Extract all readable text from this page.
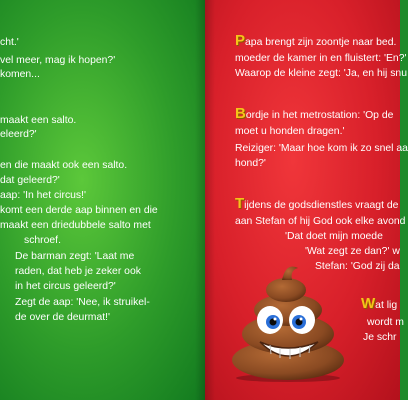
cht.'
vel meer, mag ik hopen?'
komen...
maakt een salto.
eleerd?'
en die maakt ook een salto.
dat geleerd?'
aap: 'In het circus!'
komt een derde aap binnen en die
maakt een driedubbele salto met
schroef.
De barman zegt: 'Laat me
raden, dat heb je zeker ook
in het circus geleerd?'
Zegt de aap: 'Nee, ik struikel-
de over de deurmat!'
Papa brengt zijn zoontje naar bed.
moeder de kamer in en fluistert: 'En?'
Waarop de kleine zegt: 'Ja, en hij snu
Bordje in het metrostation: 'Op de
moet u honden dragen.'
Reiziger: 'Maar hoe kom ik zo snel aa
hond?'
Tijdens de godsdienstles vraagt de
aan Stefan of hij God ook elke avond
'Dat doet mijn moede
'Wat zegt ze dan?' w
Stefan: 'God zij da
Wat lig
wordt m
Je schr
